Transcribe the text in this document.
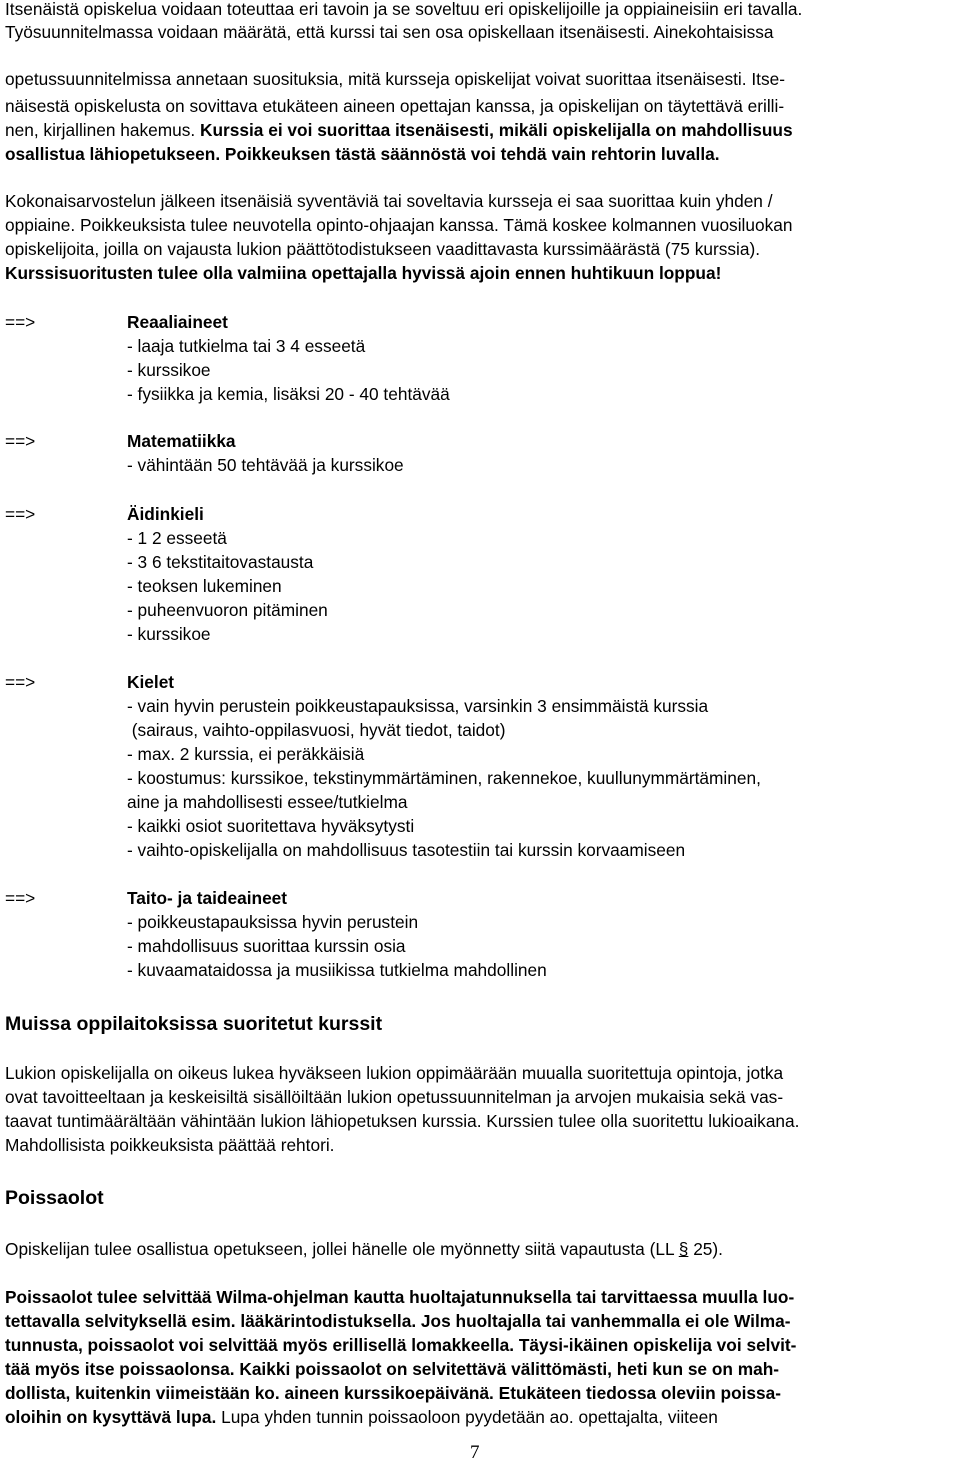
Itsenäistä opiskelua voidaan toteuttaa eri tavoin ja se soveltuu eri opiskelijoille ja oppiaineisiin eri tavalla.
Työsuunnitelmassa voidaan määrätä, että kurssi tai sen osa opiskellaan itsenäisesti. Ainekohtaisissa
opetussuunnitelmissa annetaan suosituksia, mitä kursseja opiskelijat voivat suorittaa itsenäisesti. Itse-
näisestä opiskelusta on sovittava etukäteen aineen opettajan kanssa, ja opiskelijan on täytettävä erilli-
nen, kirjallinen hakemus. Kurssia ei voi suorittaa itsenäisesti, mikäli opiskelijalla on mahdollisuus
osallistua lähiopetukseen. Poikkeuksen tästä säännöstä voi tehdä vain rehtorin luvalla.
Kokonaisarvostelun jälkeen itsenäisiä syventäviä tai soveltavia kursseja ei saa suorittaa kuin yhden /
oppiaine. Poikkeuksista tulee neuvotella opinto-ohjaajan kanssa. Tämä koskee kolmannen vuosiluokan
opiskelijoita, joilla on vajausta lukion päättötodistukseen vaadittavasta kurssimäärästä (75 kurssia).
Kurssisuoritusten tulee olla valmiina opettajalla hyvissä ajoin ennen huhtikuun loppua!
==>	Reaaliaineet
- laaja tutkielma tai 3 4 esseetä
- kurssikoe
- fysiikka ja kemia, lisäksi 20 - 40 tehtävää
==>	Matematiikka
- vähintään 50 tehtävää ja kurssikoe
==>	Äidinkieli
- 1 2 esseetä
- 3 6 tekstitaitovastausta
- teoksen lukeminen
- puheenvuoron pitäminen
- kurssikoe
==>	Kielet
- vain hyvin perustein poikkeustapauksissa, varsinkin 3 ensimmäistä kurssia
(sairaus, vaihto-oppilasvuosi, hyvät tiedot, taidot)
- max. 2 kurssia, ei peräkkäisiä
- koostumus: kurssikoe, tekstinymmärtäminen, rakennekoe, kuullunymmärtäminen,
aine ja mahdollisesti essee/tutkielma
- kaikki osiot suoritettava hyväksytysti
- vaihto-opiskelijalla on mahdollisuus tasotestiin tai kurssin korvaamiseen
==>	Taito- ja taideaineet
- poikkeustapauksissa hyvin perustein
- mahdollisuus suorittaa kurssin osia
- kuvaamataidossa ja musiikissa tutkielma mahdollinen
Muissa oppilaitoksissa suoritetut kurssit
Lukion opiskelijalla on oikeus lukea hyväkseen lukion oppimäärään muualla suoritettuja opintoja, jotka
ovat tavoitteeltaan ja keskeisiltä sisällöiltään lukion opetussuunnitelman ja arvojen mukaisia sekä vas-
taavat tuntimäärältään vähintään lukion lähiopetuksen kurssia. Kurssien tulee olla suoritettu lukioaikana.
Mahdollisista poikkeuksista päättää rehtori.
Poissaolot
Opiskelijan tulee osallistua opetukseen, jollei hänelle ole myönnetty siitä vapautusta (LL § 25).
Poissaolot tulee selvittää Wilma-ohjelman kautta huoltajatunnuksella tai tarvittaessa muulla luo-
tettavalla selvityksellä esim. lääkärintodistuksella. Jos huoltajalla tai vanhemmalla ei ole Wilma-
tunnusta, poissaolot voi selvittää myös erillisellä lomakkeella. Täysi-ikäinen opiskelija voi selvit-
tää myös itse poissaolonsa. Kaikki poissaolot on selvitettävä välittömästi, heti kun se on mah-
dollista, kuitenkin viimeistään ko. aineen kurssikoepäivänä. Etukäteen tiedossa oleviin poissa-
oloihin on kysyttävä lupa. Lupa yhden tunnin poissaoloon pyydetään ao. opettajalta, viiteen
7
